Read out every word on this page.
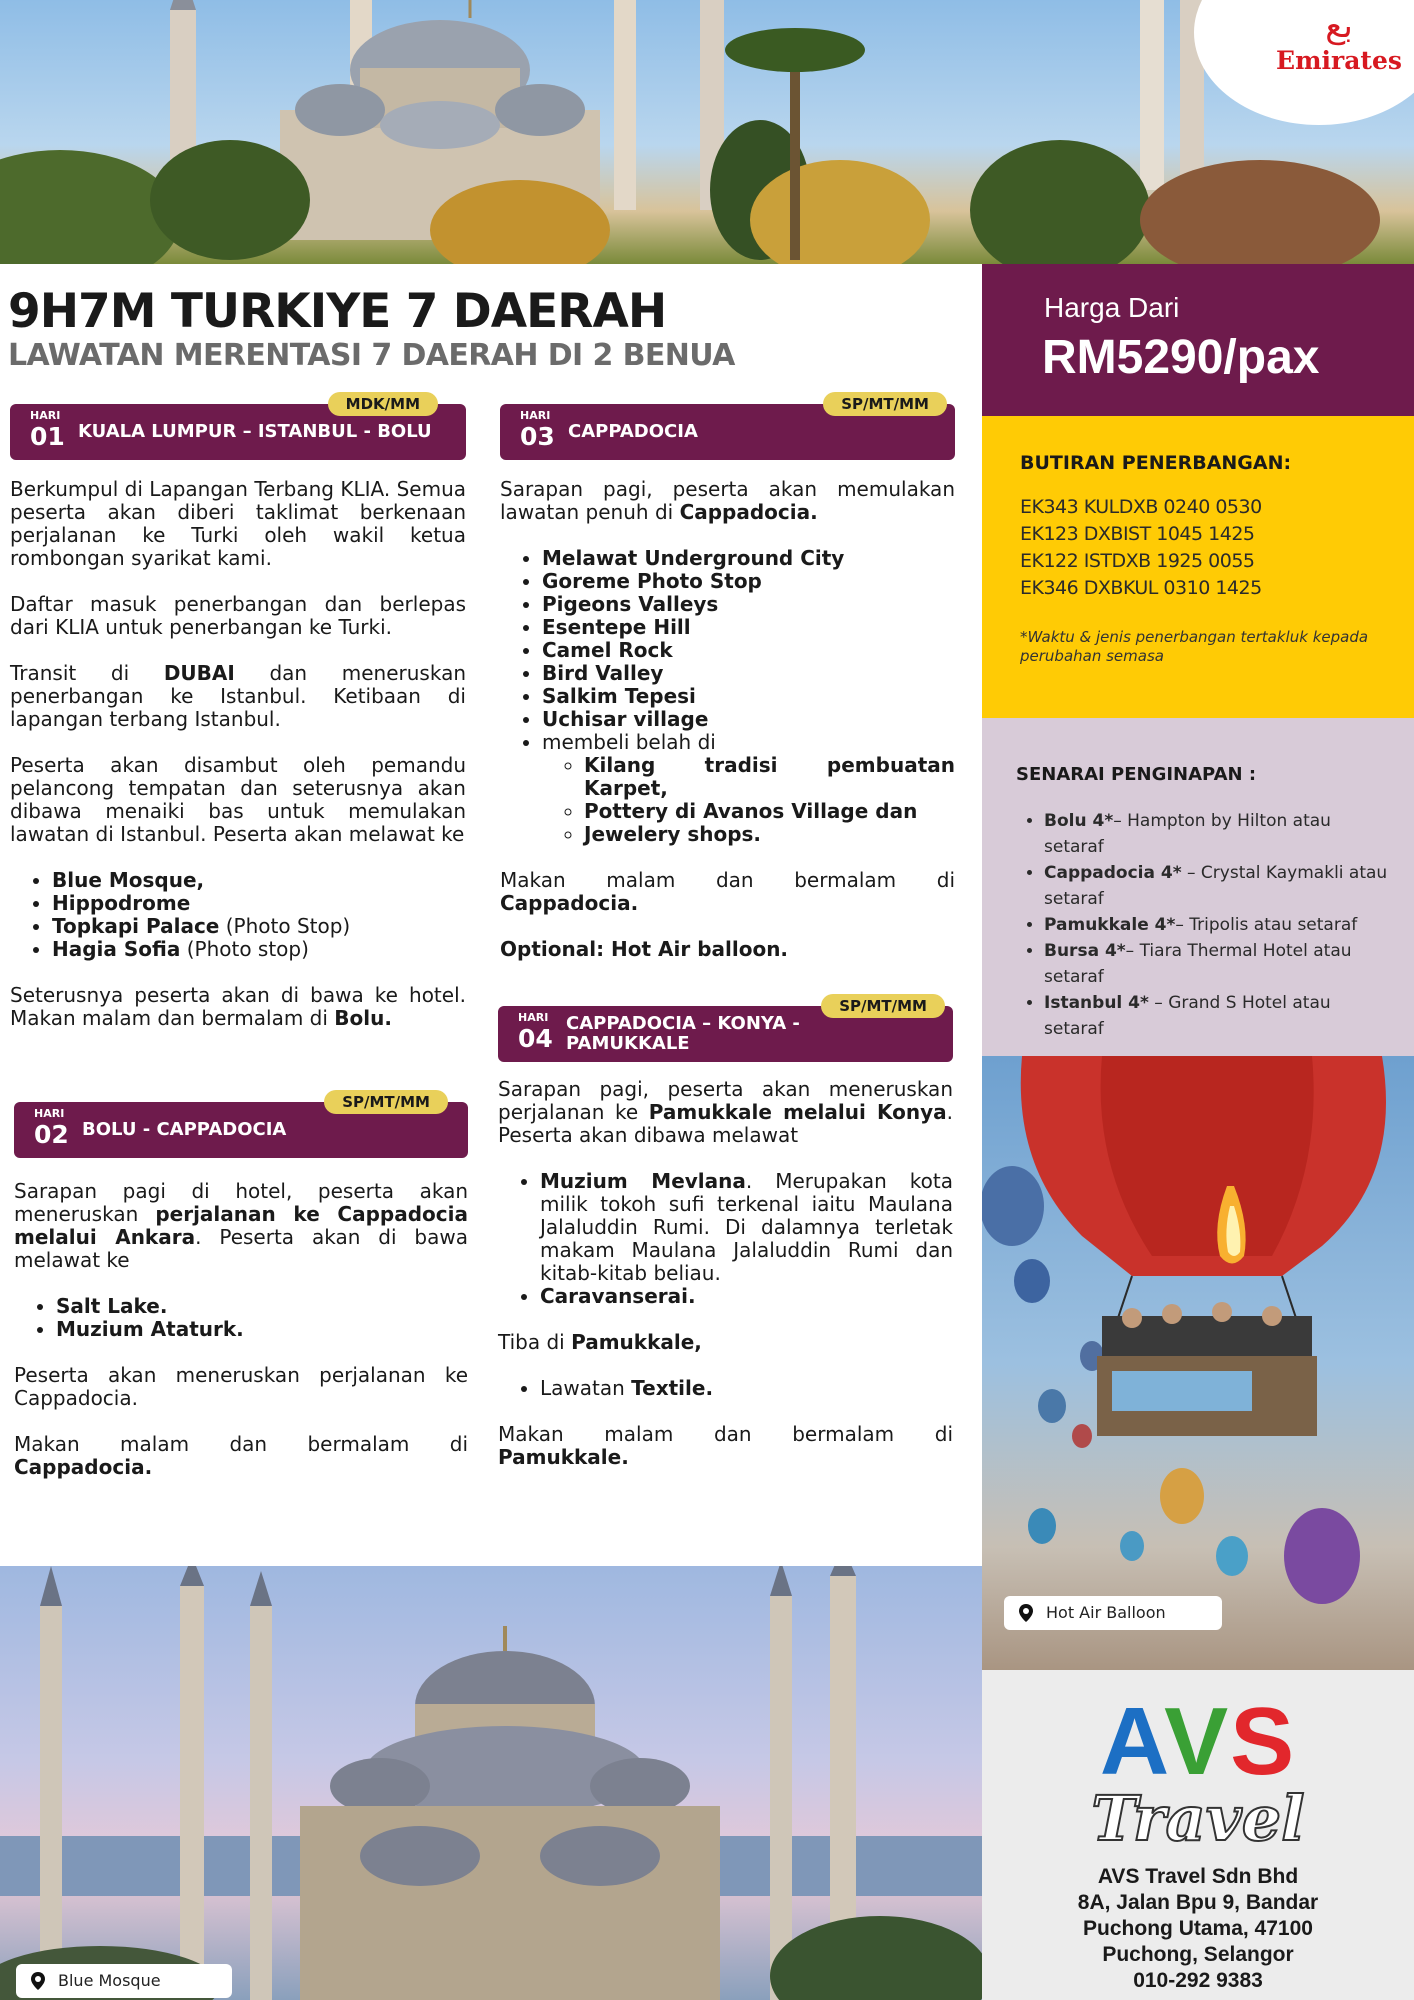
بع
Emirates
9H7M TURKIYE 7 DAERAH
LAWATAN MERENTASI 7 DAERAH DI 2 BENUA
HARI
01 KUALA LUMPUR – ISTANBUL - BOLU
MDK/MM

Berkumpul di Lapangan Terbang KLIA. Semua peserta akan diberi taklimat berkenaan perjalanan ke Turki oleh wakil ketua rombongan syarikat kami.

Daftar masuk penerbangan dan berlepas dari KLIA untuk penerbangan ke Turki.

Transit di DUBAI dan meneruskan penerbangan ke Istanbul. Ketibaan di lapangan terbang Istanbul.

Peserta akan disambut oleh pemandu pelancong tempatan dan seterusnya akan dibawa menaiki bas untuk memulakan lawatan di Istanbul. Peserta akan melawat ke

• Blue Mosque,
• Hippodrome
• Topkapi Palace (Photo Stop)
• Hagia Sofia (Photo stop)

Seterusnya peserta akan di bawa ke hotel. Makan malam dan bermalam di Bolu.

HARI
02 BOLU - CAPPADOCIA
SP/MT/MM

Sarapan pagi di hotel, peserta akan meneruskan perjalanan ke Cappadocia melalui Ankara. Peserta akan di bawa melawat ke

• Salt Lake.
• Muzium Ataturk.

Peserta akan meneruskan perjalanan ke Cappadocia.

Makan malam dan bermalam di Cappadocia.

HARI
03 CAPPADOCIA
SP/MT/MM

Sarapan pagi, peserta akan memulakan lawatan penuh di Cappadocia.

• Melawat Underground City
• Goreme Photo Stop
• Pigeons Valleys
• Esentepe Hill
• Camel Rock
• Bird Valley
• Salkim Tepesi
• Uchisar village
• membeli belah di
◦ Kilang tradisi pembuatan Karpet,
◦ Pottery di Avanos Village dan
◦ Jewelery shops.

Makan malam dan bermalam di Cappadocia.

Optional: Hot Air balloon.

HARI
04
CAPPADOCIA – KONYA -
PAMUKKALE
SP/MT/MM

Sarapan pagi, peserta akan meneruskan perjalanan ke Pamukkale melalui Konya. Peserta akan dibawa melawat

• Muzium Mevlana. Merupakan kota milik tokoh sufi terkenal iaitu Maulana Jalaluddin Rumi. Di dalamnya terletak makam Maulana Jalaluddin Rumi dan kitab-kitab beliau.
• Caravanserai.

Tiba di Pamukkale,

• Lawatan Textile.

Makan malam dan bermalam di Pamukkale.

Harga Dari
RM5290/pax
BUTIRAN PENERBANGAN:
EK343 KULDXB 0240 0530
EK123 DXBIST 1045 1425
EK122 ISTDXB 1925 0055
EK346 DXBKUL 0310 1425
*Waktu & jenis penerbangan tertakluk kepada perubahan semasa
SENARAI PENGINAPAN :
• Bolu 4*– Hampton by Hilton atau setaraf
• Cappadocia 4* – Crystal Kaymakli atau setaraf
• Pamukkale 4*– Tripolis atau setaraf
• Bursa 4*– Tiara Thermal Hotel atau setaraf
• Istanbul 4* – Grand S Hotel atau setaraf
Hot Air Balloon
Blue Mosque
AVS
Travel
AVS Travel Sdn Bhd
8A, Jalan Bpu 9, Bandar
Puchong Utama, 47100
Puchong, Selangor
010-292 9383
